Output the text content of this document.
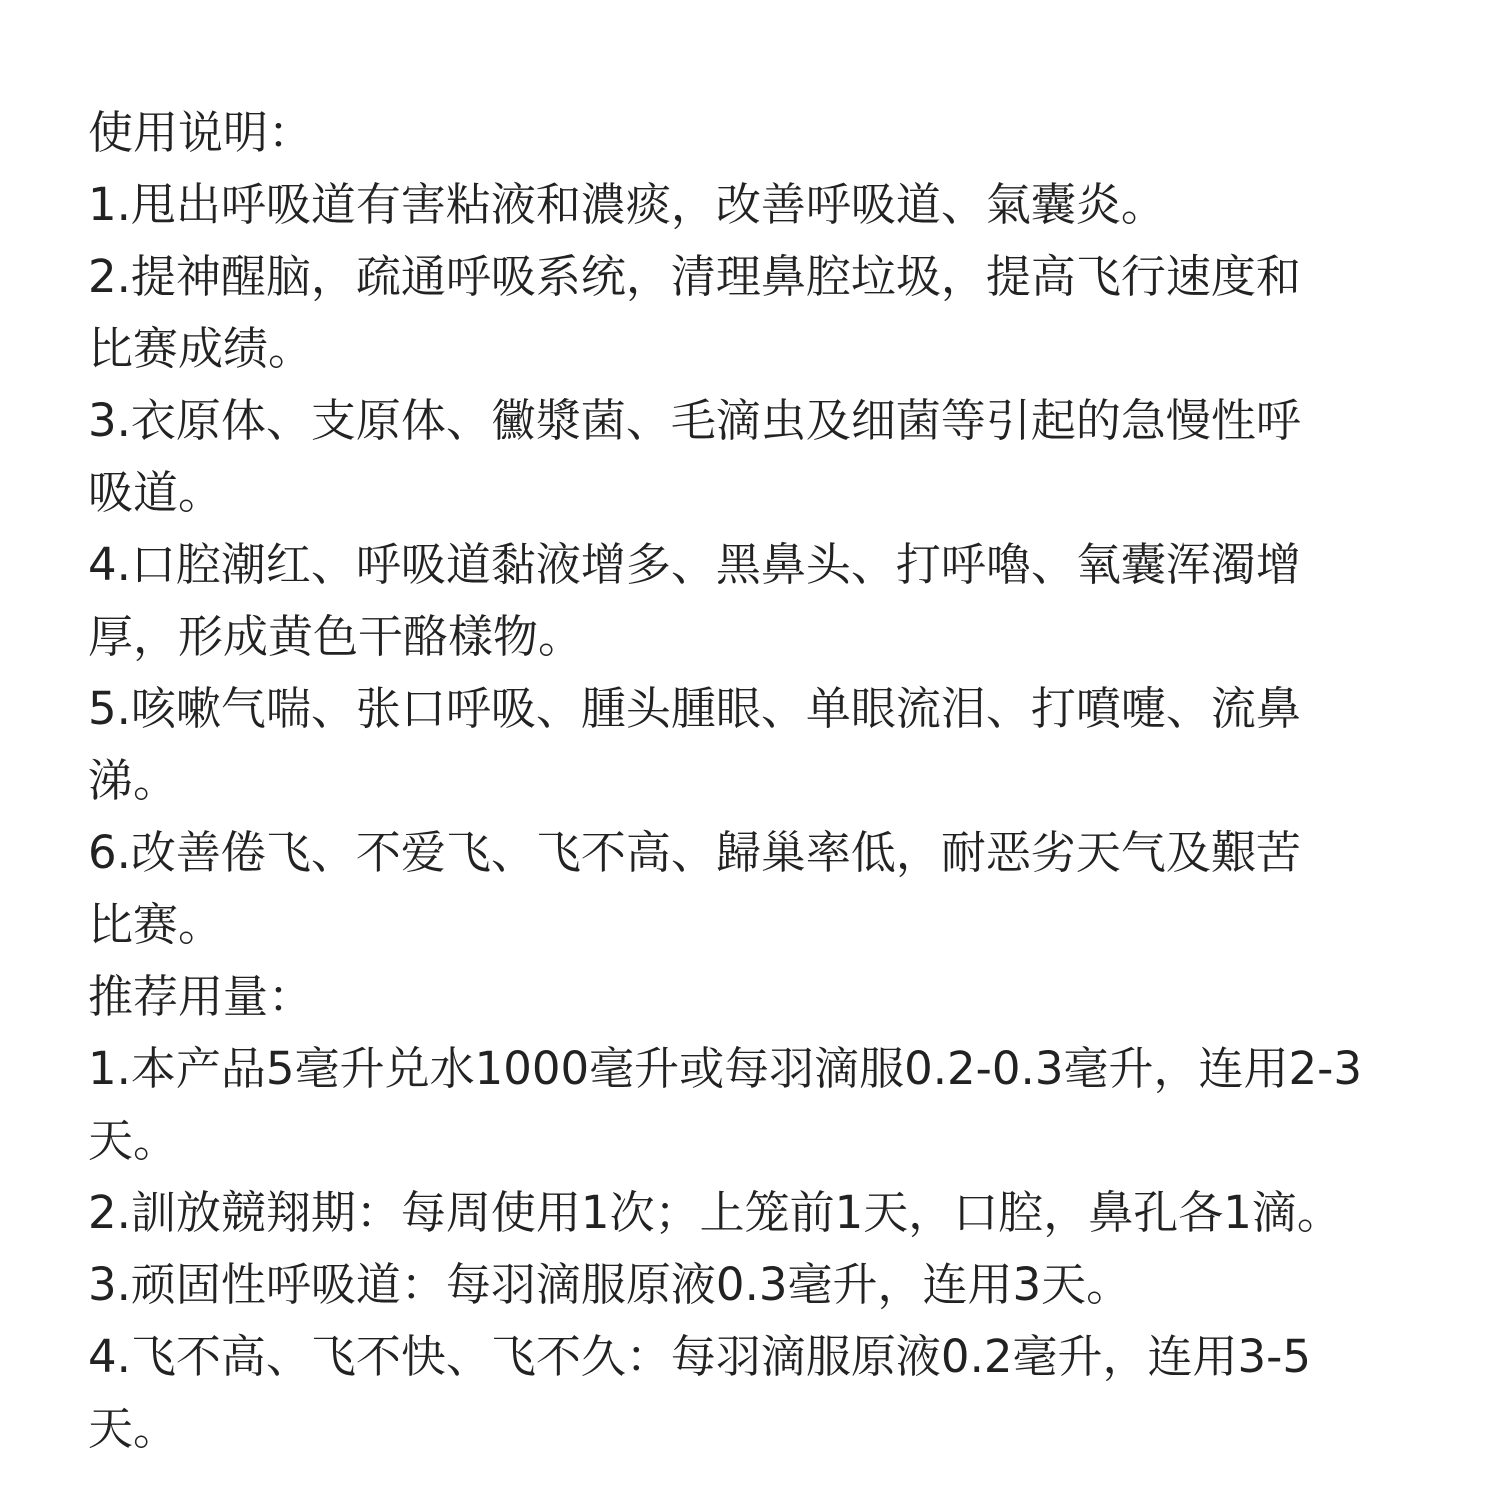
使用说明：
1.甩出呼吸道有害粘液和濃痰，改善呼吸道、氣囊炎。
2.提神醒脑，疏通呼吸系统，清理鼻腔垃圾，提高飞行速度和
比赛成绩。
3.衣原体、支原体、黴漿菌、毛滴虫及细菌等引起的急慢性呼
吸道。
4.口腔潮红、呼吸道黏液增多、黑鼻头、打呼嚕、氧囊浑濁增
厚，形成黄色干酪樣物。
5.咳嗽气喘、张口呼吸、腫头腫眼、单眼流泪、打噴嚏、流鼻
涕。
6.改善倦飞、不爱飞、飞不高、歸巢率低，耐恶劣天气及艱苦
比赛。
推荐用量：
1.本产品5毫升兑水1000毫升或每羽滴服0.2-0.3毫升，连用2-3
天。
2.訓放競翔期：每周使用1次；上笼前1天，口腔，鼻孔各1滴。
3.顽固性呼吸道：每羽滴服原液0.3毫升，连用3天。
4.飞不高、飞不快、飞不久：每羽滴服原液0.2毫升，连用3-5
天。
